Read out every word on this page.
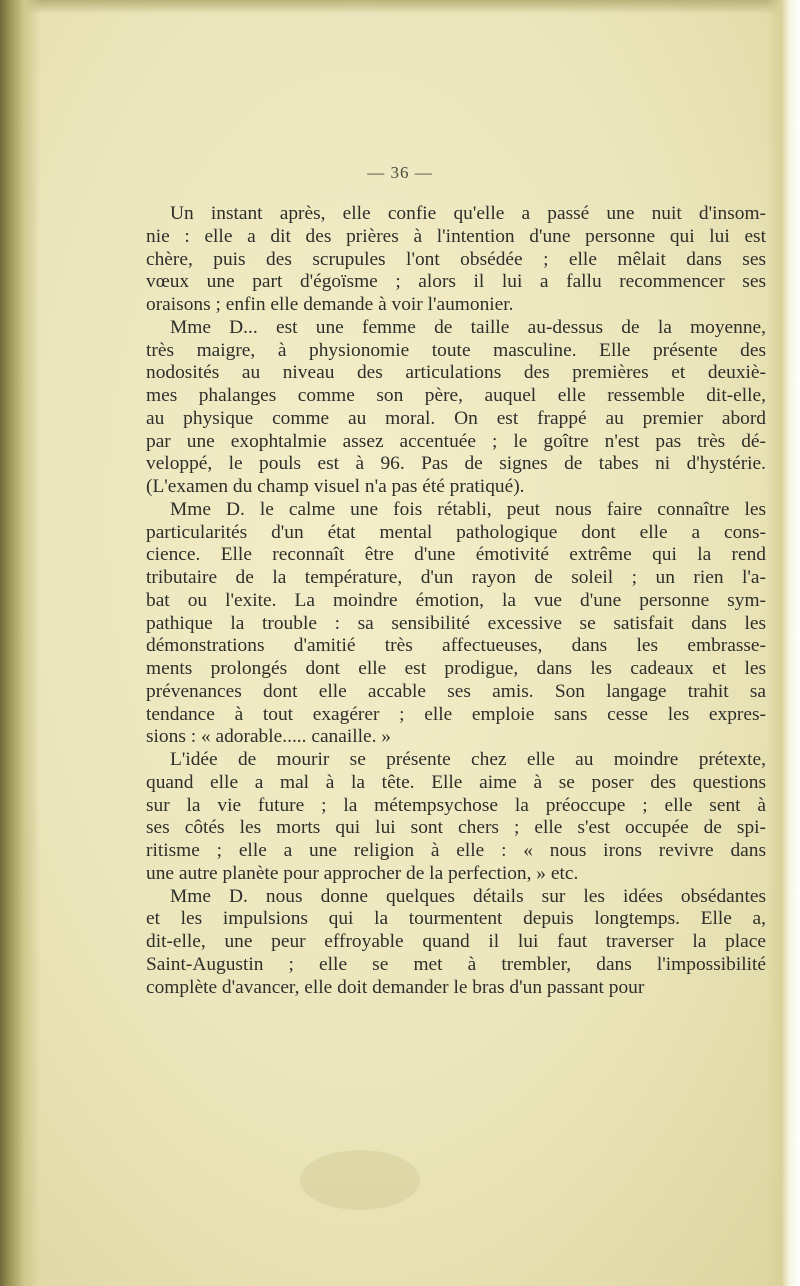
— 36 —

Un instant après, elle confie qu'elle a passé une nuit d'insom-
nie : elle a dit des prières à l'intention d'une personne qui lui est
chère, puis des scrupules l'ont obsédée ; elle mêlait dans ses
vœux une part d'égoïsme ; alors il lui a fallu recommencer ses
oraisons ; enfin elle demande à voir l'aumonier.
Mme D... est une femme de taille au-dessus de la moyenne,
très maigre, à physionomie toute masculine. Elle présente des
nodosités au niveau des articulations des premières et deuxiè-
mes phalanges comme son père, auquel elle ressemble dit-elle,
au physique comme au moral. On est frappé au premier abord
par une exophtalmie assez accentuée ; le goître n'est pas très dé-
veloppé, le pouls est à 96. Pas de signes de tabes ni d'hystérie.
(L'examen du champ visuel n'a pas été pratiqué).
Mme D. le calme une fois rétabli, peut nous faire connaître les
particularités d'un état mental pathologique dont elle a cons-
cience. Elle reconnaît être d'une émotivité extrême qui la rend
tributaire de la température, d'un rayon de soleil ; un rien l'a-
bat ou l'exite. La moindre émotion, la vue d'une personne sym-
pathique la trouble : sa sensibilité excessive se satisfait dans les
démonstrations d'amitié très affectueuses, dans les embrasse-
ments prolongés dont elle est prodigue, dans les cadeaux et les
prévenances dont elle accable ses amis. Son langage trahit sa
tendance à tout exagérer ; elle emploie sans cesse les expres-
sions : « adorable..... canaille. »
L'idée de mourir se présente chez elle au moindre prétexte,
quand elle a mal à la tête. Elle aime à se poser des questions
sur la vie future ; la métempsychose la préoccupe ; elle sent à
ses côtés les morts qui lui sont chers ; elle s'est occupée de spi-
ritisme ; elle a une religion à elle : « nous irons revivre dans
une autre planète pour approcher de la perfection, » etc.
Mme D. nous donne quelques détails sur les idées obsédantes
et les impulsions qui la tourmentent depuis longtemps. Elle a,
dit-elle, une peur effroyable quand il lui faut traverser la place
Saint-Augustin ; elle se met à trembler, dans l'impossibilité
complète d'avancer, elle doit demander le bras d'un passant pour
